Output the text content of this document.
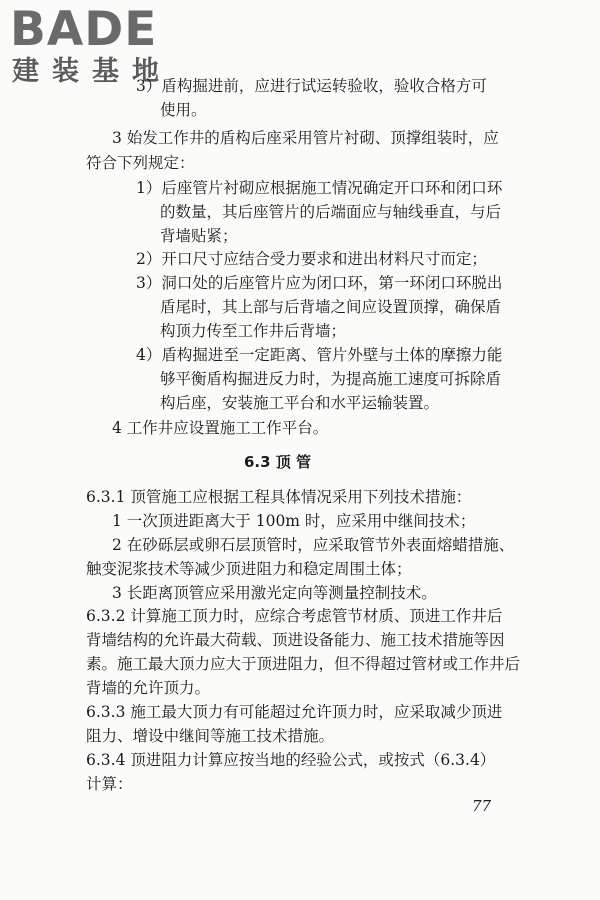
BADE
建装基地
3）盾构掘进前，应进行试运转验收，验收合格方可
使用。
3 始发工作井的盾构后座采用管片衬砌、顶撑组装时，应
符合下列规定：
1）后座管片衬砌应根据施工情况确定开口环和闭口环
的数量，其后座管片的后端面应与轴线垂直，与后
背墙贴紧；
2）开口尺寸应结合受力要求和进出材料尺寸而定；
3）洞口处的后座管片应为闭口环，第一环闭口环脱出
盾尾时，其上部与后背墙之间应设置顶撑，确保盾
构顶力传至工作井后背墙；
4）盾构掘进至一定距离、管片外壁与土体的摩擦力能
够平衡盾构掘进反力时，为提高施工速度可拆除盾
构后座，安装施工平台和水平运输装置。
4 工作井应设置施工工作平台。
6.3 顶 管
6.3.1 顶管施工应根据工程具体情况采用下列技术措施：
1 一次顶进距离大于 100m 时，应采用中继间技术；
2 在砂砾层或卵石层顶管时，应采取管节外表面熔蜡措施、
触变泥浆技术等减少顶进阻力和稳定周围土体；
3 长距离顶管应采用激光定向等测量控制技术。
6.3.2 计算施工顶力时，应综合考虑管节材质、顶进工作井后
背墙结构的允许最大荷载、顶进设备能力、施工技术措施等因
素。施工最大顶力应大于顶进阻力，但不得超过管材或工作井后
背墙的允许顶力。
6.3.3 施工最大顶力有可能超过允许顶力时，应采取减少顶进
阻力、增设中继间等施工技术措施。
6.3.4 顶进阻力计算应按当地的经验公式，或按式（6.3.4）
计算：
77
